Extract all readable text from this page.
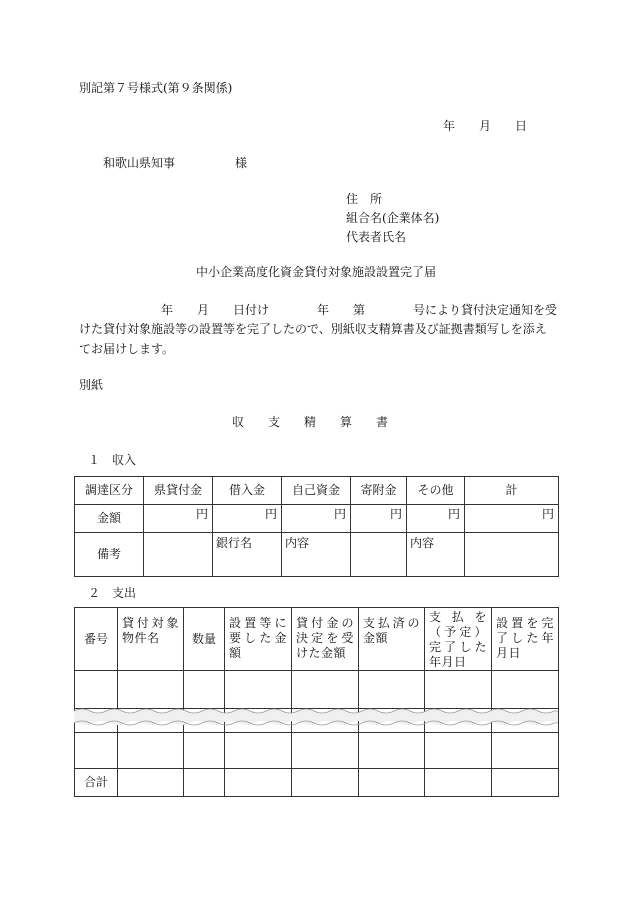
別記第７号様式(第９条関係)
年　　月　　日
和歌山県知事　　　　　様
住　所
組合名(企業体名)
代表者氏名
中小企業高度化資金貸付対象施設設置完了届
年　　月　　日付け　　　　年　　第　　　　号により貸付決定通知を受
けた貸付対象施設等の設置等を完了したので、別紙収支精算書及び証拠書類写しを添え
てお届けします。
別紙
収　　支　　精　　算　　書
１　収入
調達区分	県貸付金	借入金	自己資金	寄附金	その他	計
金額	円	円	円	円	円	円
備考		銀行名	内容		内容	
２　支出
番号	貸付対象物件名	数量	設置等に要した金額	貸付金の決定を受けた金額	支払済の金額	支払を（予定）完了した年月日	設置を完了した年月日

合計							
